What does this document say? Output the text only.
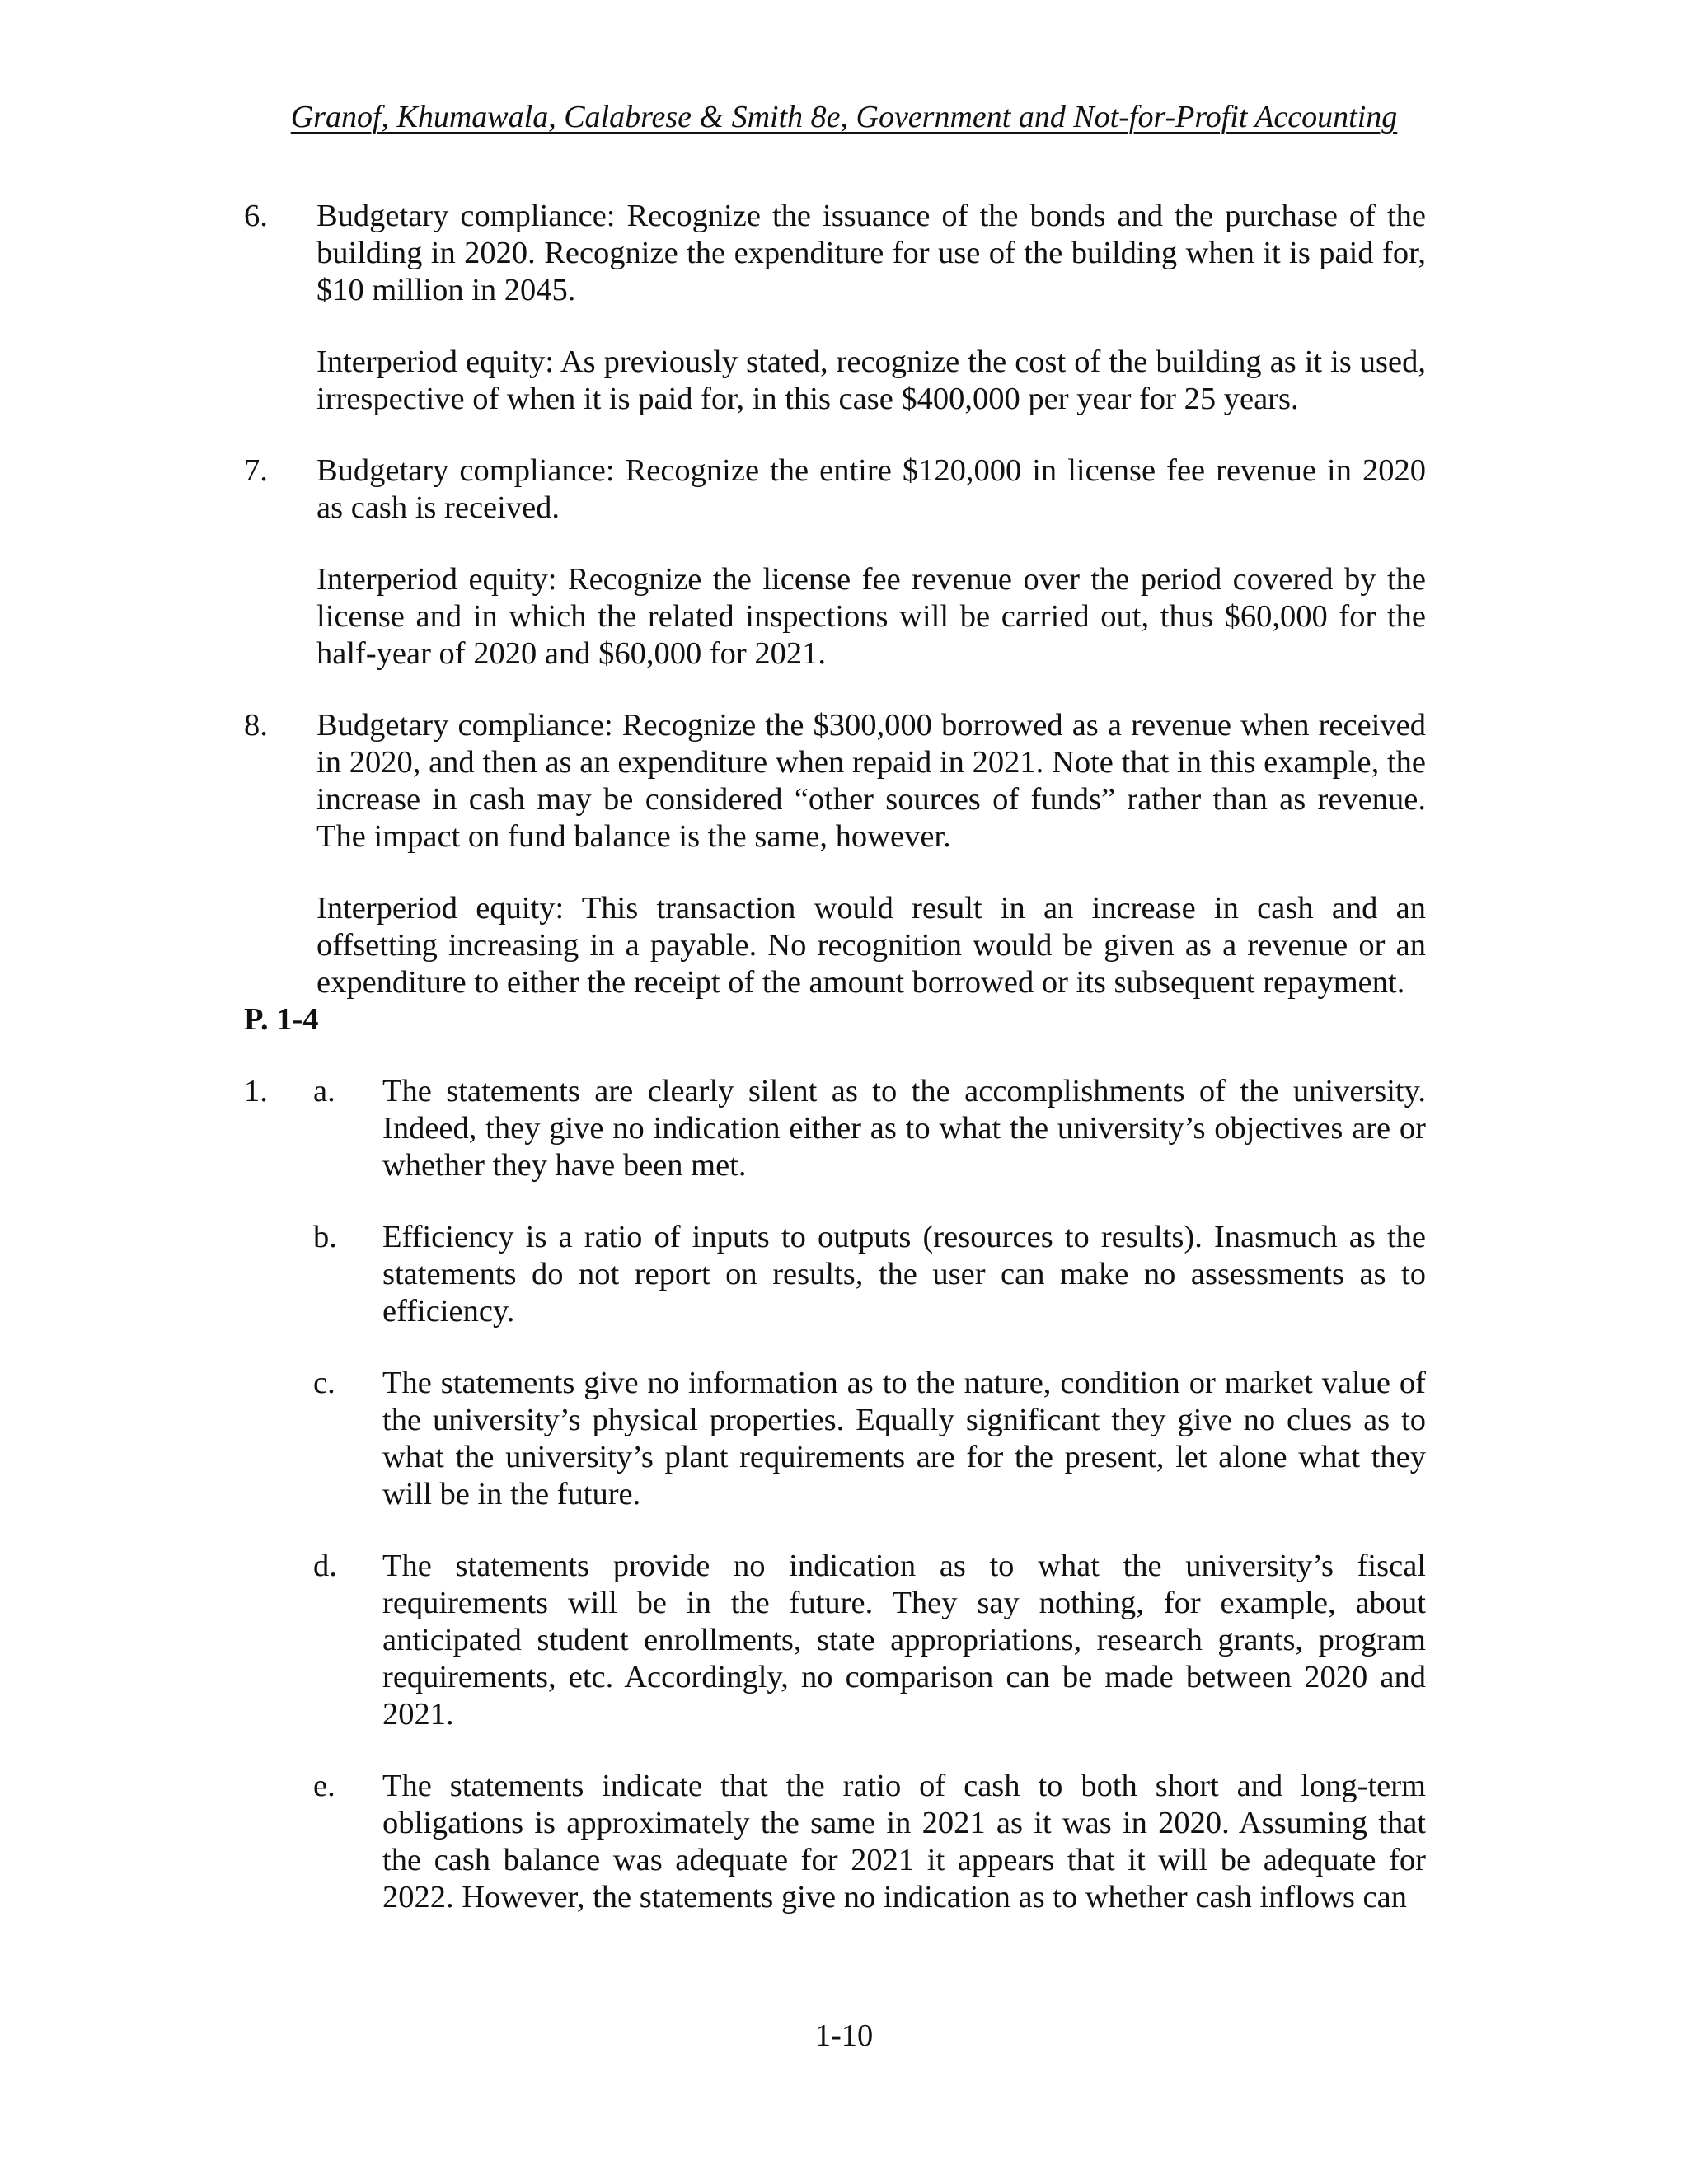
Granof, Khumawala, Calabrese & Smith 8e, Government and Not-for-Profit Accounting
6. Budgetary compliance: Recognize the issuance of the bonds and the purchase of the building in 2020. Recognize the expenditure for use of the building when it is paid for, $10 million in 2045.

Interperiod equity: As previously stated, recognize the cost of the building as it is used, irrespective of when it is paid for, in this case $400,000 per year for 25 years.

7. Budgetary compliance: Recognize the entire $120,000 in license fee revenue in 2020 as cash is received.

Interperiod equity: Recognize the license fee revenue over the period covered by the license and in which the related inspections will be carried out, thus $60,000 for the half-year of 2020 and $60,000 for 2021.

8. Budgetary compliance: Recognize the $300,000 borrowed as a revenue when received in 2020, and then as an expenditure when repaid in 2021. Note that in this example, the increase in cash may be considered “other sources of funds” rather than as revenue. The impact on fund balance is the same, however.

Interperiod equity: This transaction would result in an increase in cash and an offsetting increasing in a payable. No recognition would be given as a revenue or an expenditure to either the receipt of the amount borrowed or its subsequent repayment.

P. 1-4

1. a. The statements are clearly silent as to the accomplishments of the university. Indeed, they give no indication either as to what the university’s objectives are or whether they have been met.

b. Efficiency is a ratio of inputs to outputs (resources to results). Inasmuch as the statements do not report on results, the user can make no assessments as to efficiency.

c. The statements give no information as to the nature, condition or market value of the university’s physical properties. Equally significant they give no clues as to what the university’s plant requirements are for the present, let alone what they will be in the future.

d. The statements provide no indication as to what the university’s fiscal requirements will be in the future. They say nothing, for example, about anticipated student enrollments, state appropriations, research grants, program requirements, etc. Accordingly, no comparison can be made between 2020 and 2021.

e. The statements indicate that the ratio of cash to both short and long-term obligations is approximately the same in 2021 as it was in 2020. Assuming that the cash balance was adequate for 2021 it appears that it will be adequate for 2022. However, the statements give no indication as to whether cash inflows can

1-10
